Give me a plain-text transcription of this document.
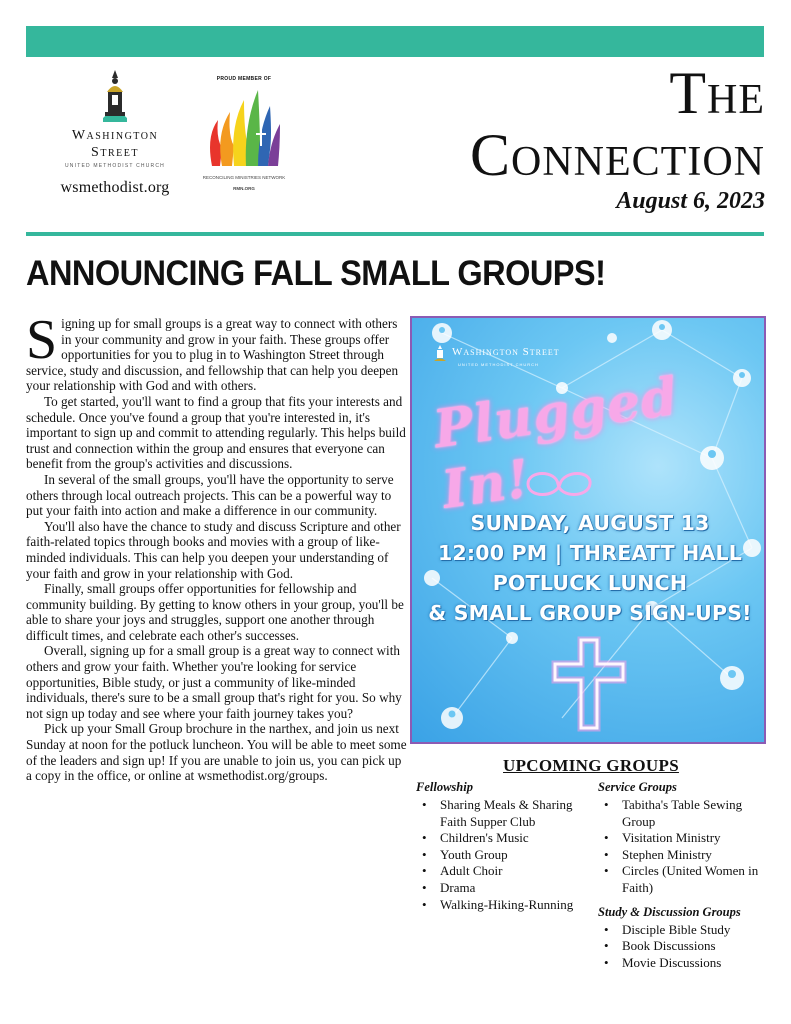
Washington
Street
UNITED METHODIST CHURCH
wsmethodist.org
PROUD MEMBER OF
RECONCILING MINISTRIES NETWORK
RMN.ORG
The
Connection
August 6, 2023
ANNOUNCING FALL SMALL GROUPS!

Signing up for small groups is a great way to connect with others in your community and grow in your faith. These groups offer opportunities for you to plug in to Washington Street through service, study and discussion, and fellowship that can help you deepen your relationship with God and with others.

To get started, you'll want to find a group that fits your interests and schedule. Once you've found a group that you're interested in, it's important to sign up and commit to attending regularly. This helps build trust and connection within the group and ensures that everyone can benefit from the group's activities and discussions.

In several of the small groups, you'll have the opportunity to serve others through local outreach projects. This can be a powerful way to put your faith into action and make a difference in our community.

You'll also have the chance to study and discuss Scripture and other faith-related topics through books and movies with a group of like-minded individuals. This can help you deepen your understanding of your faith and grow in your relationship with God.

Finally, small groups offer opportunities for fellowship and community building. By getting to know others in your group, you'll be able to share your joys and struggles, support one another through difficult times, and celebrate each other's successes.

Overall, signing up for a small group is a great way to connect with others and grow your faith. Whether you're looking for service opportunities, Bible study, or just a community of like-minded individuals, there's sure to be a small group that's right for you. So why not sign up today and see where your faith journey takes you?

Pick up your Small Group brochure in the narthex, and join us next Sunday at noon for the potluck luncheon. You will be able to meet some of the leaders and sign up! If you are unable to join us, you can pick up a copy in the office, or online at wsmethodist.org/groups.

Washington Street
UNITED METHODIST CHURCH
Plugged In!
SUNDAY, AUGUST 13
12:00 PM | THREATT HALL
POTLUCK LUNCH
& SMALL GROUP SIGN-UPS!
UPCOMING GROUPS
Fellowship
• Sharing Meals & Sharing Faith Supper Club
• Children's Music
• Youth Group
• Adult Choir
• Drama
• Walking-Hiking-Running
Service Groups
• Tabitha's Table Sewing Group
• Visitation Ministry
• Stephen Ministry
• Circles (United Women in Faith)
Study & Discussion Groups
• Disciple Bible Study
• Book Discussions
• Movie Discussions
